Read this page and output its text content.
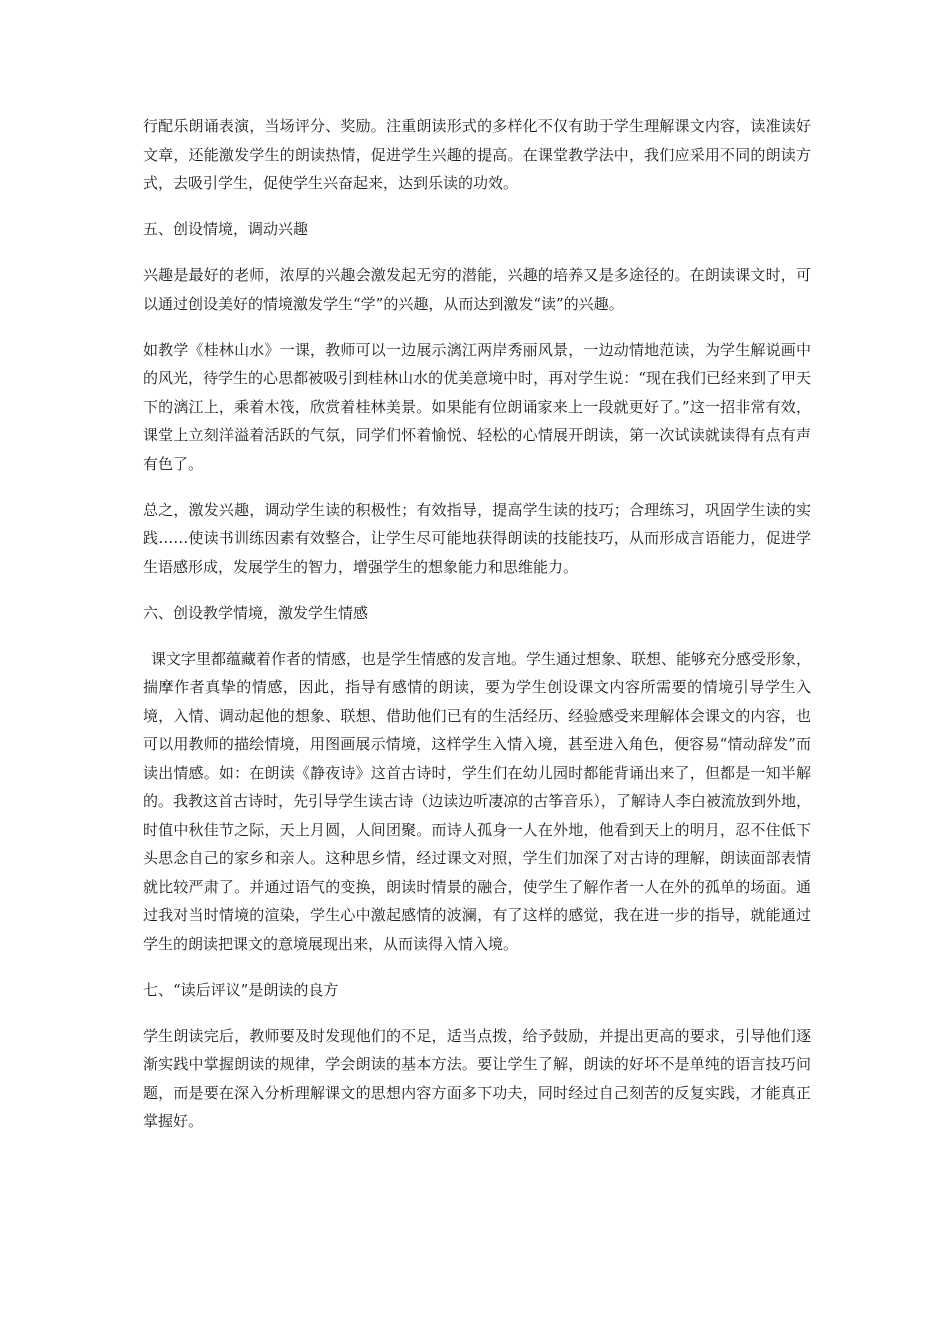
行配乐朗诵表演，当场评分、奖励。注重朗读形式的多样化不仅有助于学生理解课文内容，读准读好文章，还能激发学生的朗读热情，促进学生兴趣的提高。在课堂教学法中，我们应采用不同的朗读方式，去吸引学生，促使学生兴奋起来，达到乐读的功效。

五、创设情境，调动兴趣

兴趣是最好的老师，浓厚的兴趣会激发起无穷的潜能，兴趣的培养又是多途径的。在朗读课文时，可以通过创设美好的情境激发学生“学”的兴趣，从而达到激发“读”的兴趣。

如教学《桂林山水》一课，教师可以一边展示漓江两岸秀丽风景，一边动情地范读，为学生解说画中的风光，待学生的心思都被吸引到桂林山水的优美意境中时，再对学生说：“现在我们已经来到了甲天下的漓江上，乘着木筏，欣赏着桂林美景。如果能有位朗诵家来上一段就更好了。”这一招非常有效，课堂上立刻洋溢着活跃的气氛，同学们怀着愉悦、轻松的心情展开朗读，第一次试读就读得有点有声有色了。

总之，激发兴趣，调动学生读的积极性；有效指导，提高学生读的技巧；合理练习，巩固学生读的实践……使读书训练因素有效整合，让学生尽可能地获得朗读的技能技巧，从而形成言语能力，促进学生语感形成，发展学生的智力，增强学生的想象能力和思维能力。

六、创设教学情境，激发学生情感

课文字里都蕴藏着作者的情感，也是学生情感的发言地。学生通过想象、联想、能够充分感受形象，揣摩作者真挚的情感，因此，指导有感情的朗读，要为学生创设课文内容所需要的情境引导学生入境，入情、调动起他的想象、联想、借助他们已有的生活经历、经验感受来理解体会课文的内容，也可以用教师的描绘情境，用图画展示情境，这样学生入情入境，甚至进入角色，便容易“情动辞发”而读出情感。如：在朗读《静夜诗》这首古诗时，学生们在幼儿园时都能背诵出来了，但都是一知半解的。我教这首古诗时，先引导学生读古诗（边读边听凄凉的古筝音乐），了解诗人李白被流放到外地，时值中秋佳节之际，天上月圆，人间团聚。而诗人孤身一人在外地，他看到天上的明月，忍不住低下头思念自己的家乡和亲人。这种思乡情，经过课文对照，学生们加深了对古诗的理解，朗读面部表情就比较严肃了。并通过语气的变换，朗读时情景的融合，使学生了解作者一人在外的孤单的场面。通过我对当时情境的渲染，学生心中激起感情的波澜，有了这样的感觉，我在进一步的指导，就能通过学生的朗读把课文的意境展现出来，从而读得入情入境。

七、“读后评议”是朗读的良方

学生朗读完后，教师要及时发现他们的不足，适当点拨，给予鼓励，并提出更高的要求，引导他们逐渐实践中掌握朗读的规律，学会朗读的基本方法。要让学生了解，朗读的好坏不是单纯的语言技巧问题，而是要在深入分析理解课文的思想内容方面多下功夫，同时经过自己刻苦的反复实践，才能真正掌握好。
